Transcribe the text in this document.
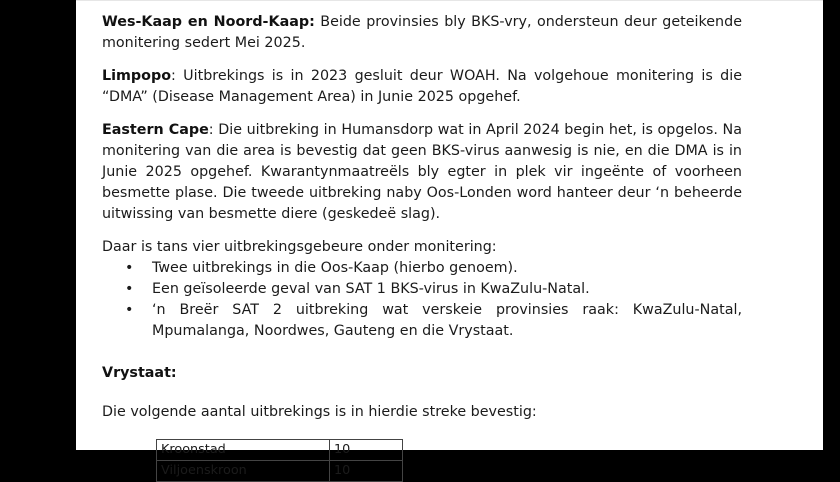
Wes-Kaap en Noord-Kaap: Beide provinsies bly BKS-vry, ondersteun deur geteikende monitering sedert Mei 2025.

Limpopo: Uitbrekings is in 2023 gesluit deur WOAH. Na volgehoue monitering is die “DMA” (Disease Management Area) in Junie 2025 opgehef.

Eastern Cape: Die uitbreking in Humansdorp wat in April 2024 begin het, is opgelos. Na monitering van die area is bevestig dat geen BKS-virus aanwesig is nie, en die DMA is in Junie 2025 opgehef. Kwarantynmaatreëls bly egter in plek vir ingeënte of voorheen besmette plase. Die tweede uitbreking naby Oos-Londen word hanteer deur ‘n beheerde uitwissing van besmette diere (geskedeë slag).

Daar is tans vier uitbrekingsgebeure onder monitering:

• Twee uitbrekings in die Oos-Kaap (hierbo genoem).
• Een geïsoleerde geval van SAT 1 BKS-virus in KwaZulu-Natal.
• ‘n Breër SAT 2 uitbreking wat verskeie provinsies raak: KwaZulu-Natal, Mpumalanga, Noordwes, Gauteng en die Vrystaat.

Vrystaat:

Die volgende aantal uitbrekings is in hierdie streke bevestig:

Kroonstad	10
Viljoenskroon	10
